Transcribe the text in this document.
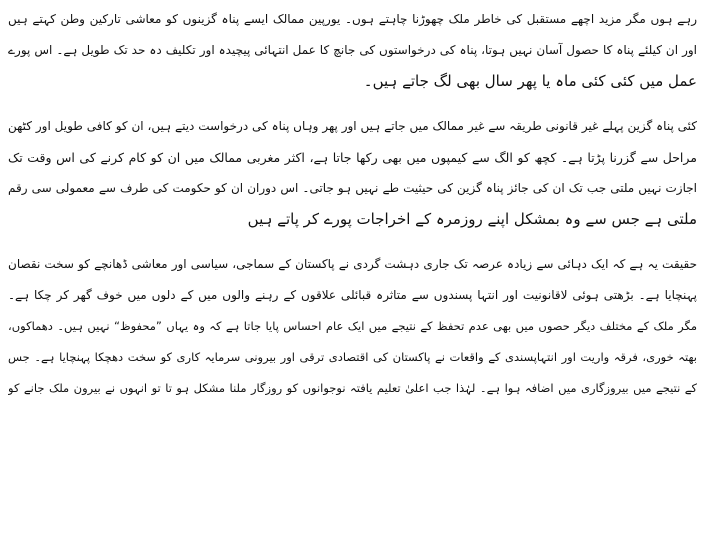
رہے ہوں مگر مزید اچھے مستقبل کی خاطر ملک چھوڑنا چاہتے ہوں۔ یورپین ممالک ایسے پناہ گزینوں کو معاشی تارکین وطن کہتے ہیں
اور ان کیلئے پناہ کا حصول آسان نہیں ہوتا، پناہ کی درخواستوں کی جانچ کا عمل انتہائی پیچیدہ اور تکلیف دہ حد تک طویل ہے۔ اس پورے
عمل میں کئی کئی ماہ یا پھر سال بھی لگ جاتے ہیں۔
کئی پناہ گزین پہلے غیر قانونی طریقہ سے غیر ممالک میں جاتے ہیں اور پھر وہاں پناہ کی درخواست دیتے ہیں، ان کو کافی طویل اور کٹھن
مراحل سے گزرنا پڑتا ہے۔ کچھ کو الگ سے کیمپوں میں بھی رکھا جاتا ہے، اکثر مغربی ممالک میں ان کو کام کرنے کی اس وقت تک
اجازت نہیں ملتی جب تک ان کی جائز پناہ گزین کی حیثیت طے نہیں ہو جاتی۔ اس دوران ان کو حکومت کی طرف سے معمولی سی رقم
ملتی ہے جس سے وہ بمشکل اپنے روزمرہ کے اخراجات پورے کر پاتے ہیں
حقیقت یہ ہے کہ ایک دہائی سے زیادہ عرصہ تک جاری دہشت گردی نے پاکستان کے سماجی، سیاسی اور معاشی ڈھانچے کو سخت نقصان
پہنچایا ہے۔ بڑھتی ہوئی لاقانونیت اور انتہا پسندوں سے متاثرہ قبائلی علاقوں کے رہنے والوں میں کے دلوں میں خوف گھر کر چکا ہے۔
مگر ملک کے مختلف دیگر حصوں میں بھی عدم تحفظ کے نتیجے میں ایک عام احساس پایا جاتا ہے کہ وہ یہاں ”محفوظ“ نہیں ہیں۔ دھماکوں،
بھتہ خوری، فرقہ واریت اور انتہاپسندی کے واقعات نے پاکستان کی اقتصادی ترقی اور بیرونی سرمایہ کاری کو سخت دھچکا پہنچایا ہے۔ جس
کے نتیجے میں بیروزگاری میں اضافہ ہوا ہے۔ لہٰذا جب اعلیٰ تعلیم یافتہ نوجوانوں کو روزگار ملنا مشکل ہو تا تو انہوں نے بیرون ملک جانے کو
